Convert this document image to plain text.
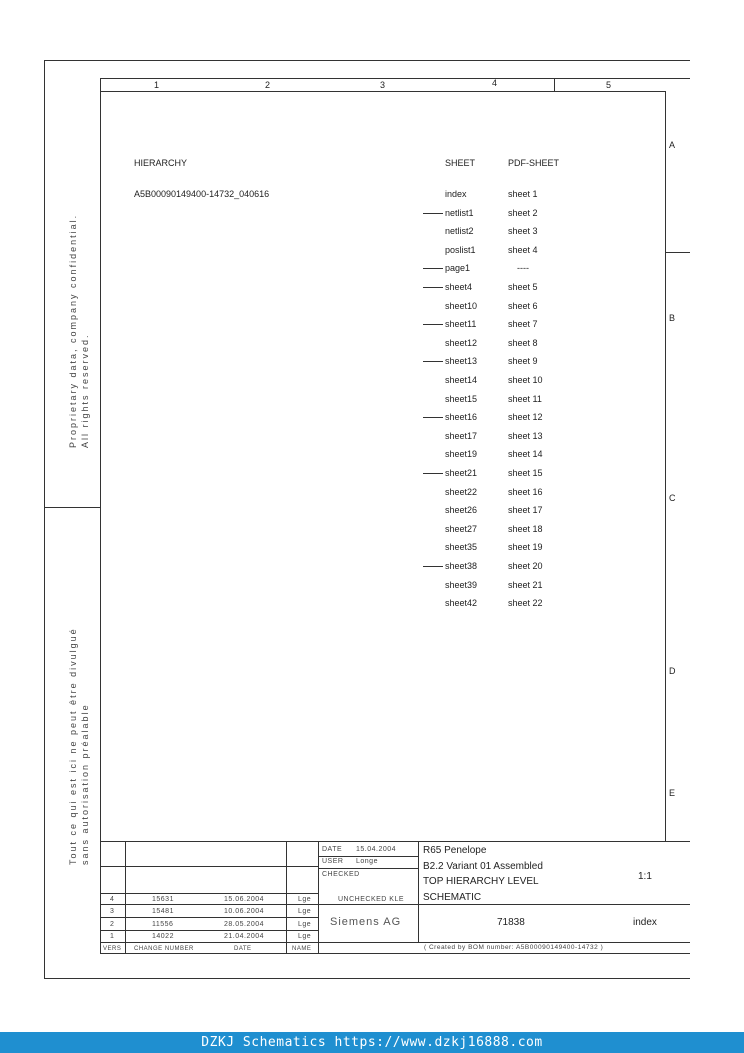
1	2	3	4	5
A
B
C
D
E
Proprietary data, company confidential. All rights reserved.
Tout ce qui est ici ne peut être divulgué sans autorisation préalable
HIERARCHY	SHEET	PDF-SHEET
A5B00090149400-14732_040616	index	sheet 1
netlist1	sheet 2
netlist2	sheet 3
poslist1	sheet 4
page1	----
sheet4	sheet 5
sheet10	sheet 6
sheet11	sheet 7
sheet12	sheet 8
sheet13	sheet 9
sheet14	sheet 10
sheet15	sheet 11
sheet16	sheet 12
sheet17	sheet 13
sheet19	sheet 14
sheet21	sheet 15
sheet22	sheet 16
sheet26	sheet 17
sheet27	sheet 18
sheet35	sheet 19
sheet38	sheet 20
sheet39	sheet 21
sheet42	sheet 22
DATE 15.04.2004
USER Longe
CHECKED
R65 Penelope
B2.2 Variant 01 Assembled
TOP HIERARCHY LEVEL
SCHEMATIC
1:1
UNCHECKED KLE
Siemens AG	71838	index
( Created by BOM number: A5B00090149400-14732 )
4	15631	15.06.2004	Lge
3	15481	10.06.2004	Lge
2	11556	28.05.2004	Lge
1	14022	21.04.2004	Lge
VERS CHANGE NUMBER	DATE	NAME
DZKJ Schematics https://www.dzkj16888.com
